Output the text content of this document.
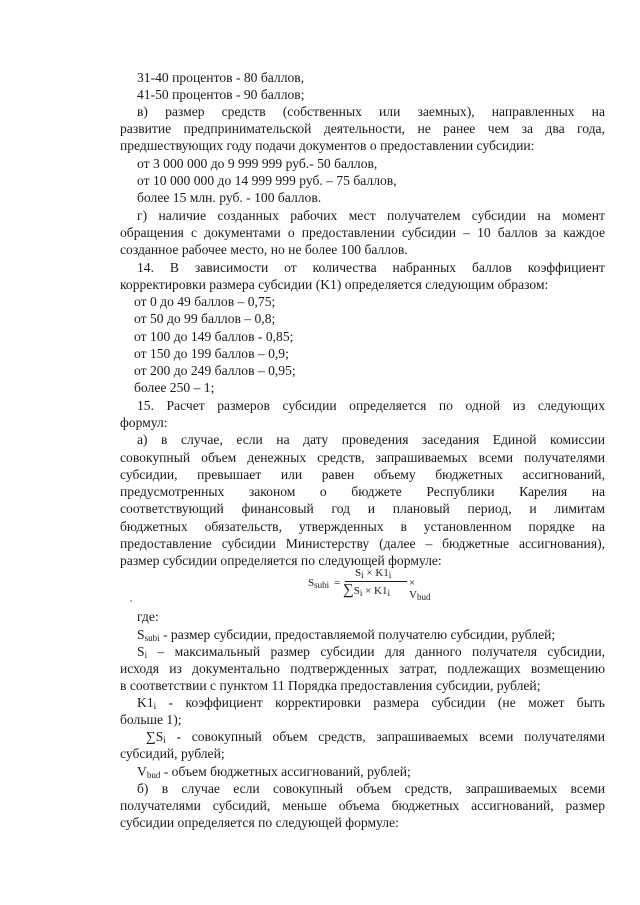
31-40 процентов - 80 баллов,
41-50 процентов - 90 баллов;
в) размер средств (собственных или заемных), направленных на
развитие предпринимательской деятельности, не ранее чем за два года,
предшествующих году подачи документов о предоставлении субсидии:
от 3 000 000 до 9 999 999 руб.- 50 баллов,
от 10 000 000 до 14 999 999 руб. – 75 баллов,
более 15 млн. руб. - 100 баллов.
г) наличие созданных рабочих мест получателем субсидии на момент
обращения с документами о предоставлении субсидии – 10 баллов за каждое
созданное рабочее место, но не более 100 баллов.
14. В зависимости от количества набранных баллов коэффициент
корректировки размера субсидии (K1) определяется следующим образом:
от 0 до 49 баллов – 0,75;
от 50 до 99 баллов – 0,8;
от 100 до 149 баллов - 0,85;
от 150 до 199 баллов – 0,9;
от 200 до 249 баллов – 0,95;
более 250 – 1;
15. Расчет размеров субсидии определяется по одной из следующих
формул:
а) в случае, если на дату проведения заседания Единой комиссии
совокупный объем денежных средств, запрашиваемых всеми получателями
субсидии, превышает или равен объему бюджетных ассигнований,
предусмотренных законом о бюджете Республики Карелия на
соответствующий финансовый год и плановый период, и лимитам
бюджетных обязательств, утвержденных в установленном порядке на
предоставление субсидии Министерству (далее – бюджетные ассигнования),
размер субсидии определяется по следующей формуле:
Ssubi =
$S_i \times K1_i$
$\sum S_i \times K1_i$
× $V_{bud}$
где:
$S_{subi}$ - размер субсидии, предоставляемой получателю субсидии, рублей;
$S_i$ – максимальный размер субсидии для данного получателя субсидии,
исходя из документально подтвержденных затрат, подлежащих возмещению
в соответствии с пунктом 11 Порядка предоставления субсидии, рублей;
$K1_i$ - коэффициент корректировки размера субсидии (не может быть
больше 1);
$\sum S_i$ - совокупный объем средств, запрашиваемых всеми получателями
субсидий, рублей;
$V_{bud}$ - объем бюджетных ассигнований, рублей;
б) в случае если совокупный объем средств, запрашиваемых всеми
получателями субсидий, меньше объема бюджетных ассигнований, размер
субсидии определяется по следующей формуле:
